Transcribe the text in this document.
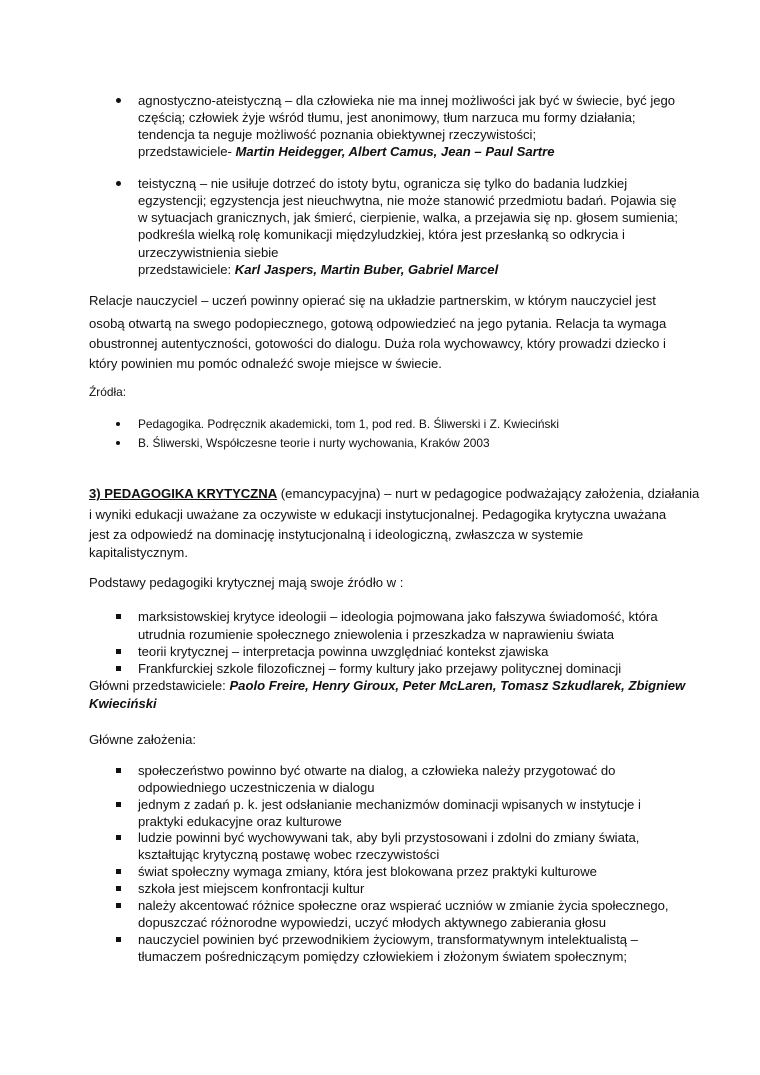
agnostyczno-ateistyczną – dla człowieka nie ma innej możliwości jak być w świecie, być jego
częścią; człowiek żyje wśród tłumu, jest anonimowy, tłum narzuca mu formy działania;
tendencja ta neguje możliwość poznania obiektywnej rzeczywistości;
przedstawiciele- Martin Heidegger, Albert Camus, Jean – Paul Sartre
teistyczną – nie usiłuje dotrzeć do istoty bytu, ogranicza się tylko do badania ludzkiej
egzystencji; egzystencja jest nieuchwytna, nie może stanowić przedmiotu badań. Pojawia się
w sytuacjach granicznych, jak śmierć, cierpienie, walka, a przejawia się np. głosem sumienia;
podkreśla wielką rolę komunikacji międzyludzkiej, która jest przesłanką so odkrycia i
urzeczywistnienia siebie
przedstawiciele: Karl Jaspers, Martin Buber, Gabriel Marcel
Relacje nauczyciel – uczeń powinny opierać się na układzie partnerskim, w którym nauczyciel jest
osobą otwartą na swego podopiecznego, gotową odpowiedzieć na jego pytania. Relacja ta wymaga
obustronnej autentyczności, gotowości do dialogu. Duża rola wychowawcy, który prowadzi dziecko i
który powinien mu pomóc odnaleźć swoje miejsce w świecie.
Źródła:
Pedagogika. Podręcznik akademicki, tom 1, pod red. B. Śliwerski i Z. Kwieciński
B. Śliwerski, Współczesne teorie i nurty wychowania, Kraków 2003
3) PEDAGOGIKA KRYTYCZNA (emancypacyjna) – nurt w pedagogice podważający założenia, działania
i wyniki edukacji uważane za oczywiste w edukacji instytucjonalnej. Pedagogika krytyczna uważana
jest za odpowiedź na dominację instytucjonalną i ideologiczną, zwłaszcza w systemie
kapitalistycznym.
Podstawy pedagogiki krytycznej mają swoje źródło w :
marksistowskiej krytyce ideologii – ideologia pojmowana jako fałszywa świadomość, która
utrudnia rozumienie społecznego zniewolenia i przeszkadza w naprawieniu świata
teorii krytycznej – interpretacja powinna uwzględniać kontekst zjawiska
Frankfurckiej szkole filozoficznej – formy kultury jako przejawy politycznej dominacji
Główni przedstawiciele: Paolo Freire, Henry Giroux, Peter McLaren, Tomasz Szkudlarek, Zbigniew
Kwieciński
Główne założenia:
społeczeństwo powinno być otwarte na dialog, a człowieka należy przygotować do
odpowiedniego uczestniczenia w dialogu
jednym z zadań p. k. jest odsłanianie mechanizmów dominacji wpisanych w instytucje i
praktyki edukacyjne oraz kulturowe
ludzie powinni być wychowywani tak, aby byli przystosowani i zdolni do zmiany świata,
kształtując krytyczną postawę wobec rzeczywistości
świat społeczny wymaga zmiany, która jest blokowana przez praktyki kulturowe
szkoła jest miejscem konfrontacji kultur
należy akcentować różnice społeczne oraz wspierać uczniów w zmianie życia społecznego,
dopuszczać różnorodne wypowiedzi, uczyć młodych aktywnego zabierania głosu
nauczyciel powinien być przewodnikiem życiowym, transformatywnym intelektualistą –
tłumaczem pośredniczącym pomiędzy człowiekiem i złożonym światem społecznym;
